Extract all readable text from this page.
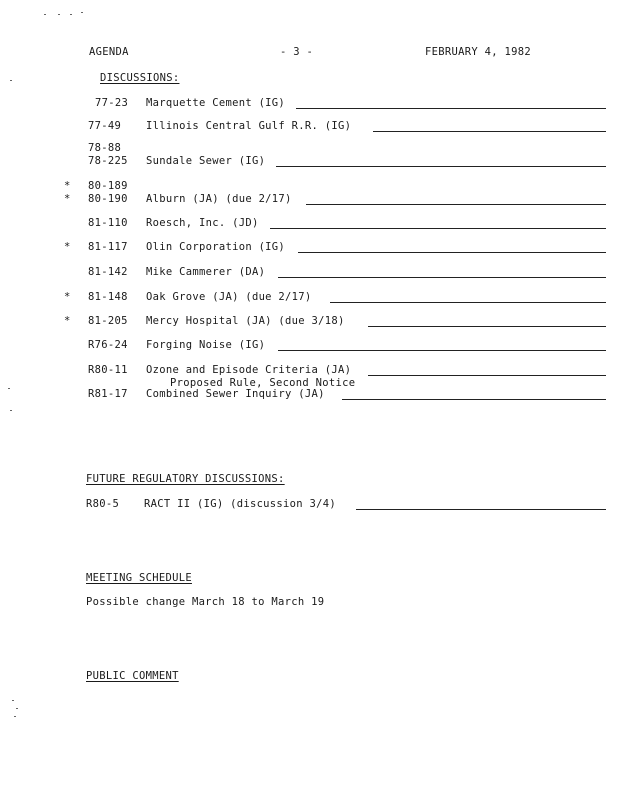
AGENDA	- 3 -	FEBRUARY 4, 1982
DISCUSSIONS:
77-23 Marquette Cement (IG)
77-49 Illinois Central Gulf R.R. (IG)
78-88
78-225 Sundale Sewer (IG)
*
*
80-189
80-190 Alburn (JA) (due 2/17)
81-110 Roesch, Inc. (JD)
* 81-117 Olin Corporation (IG)
81-142 Mike Cammerer (DA)
* 81-148 Oak Grove (JA) (due 2/17)
* 81-205 Mercy Hospital (JA) (due 3/18)
R76-24 Forging Noise (IG)
R80-11 Ozone and Episode Criteria (JA)
Proposed Rule, Second Notice
R81-17 Combined Sewer Inquiry (JA)
FUTURE REGULATORY DISCUSSIONS:
R80-5 RACT II (IG) (discussion 3/4)
MEETING SCHEDULE
Possible change March 18 to March 19
PUBLIC COMMENT
